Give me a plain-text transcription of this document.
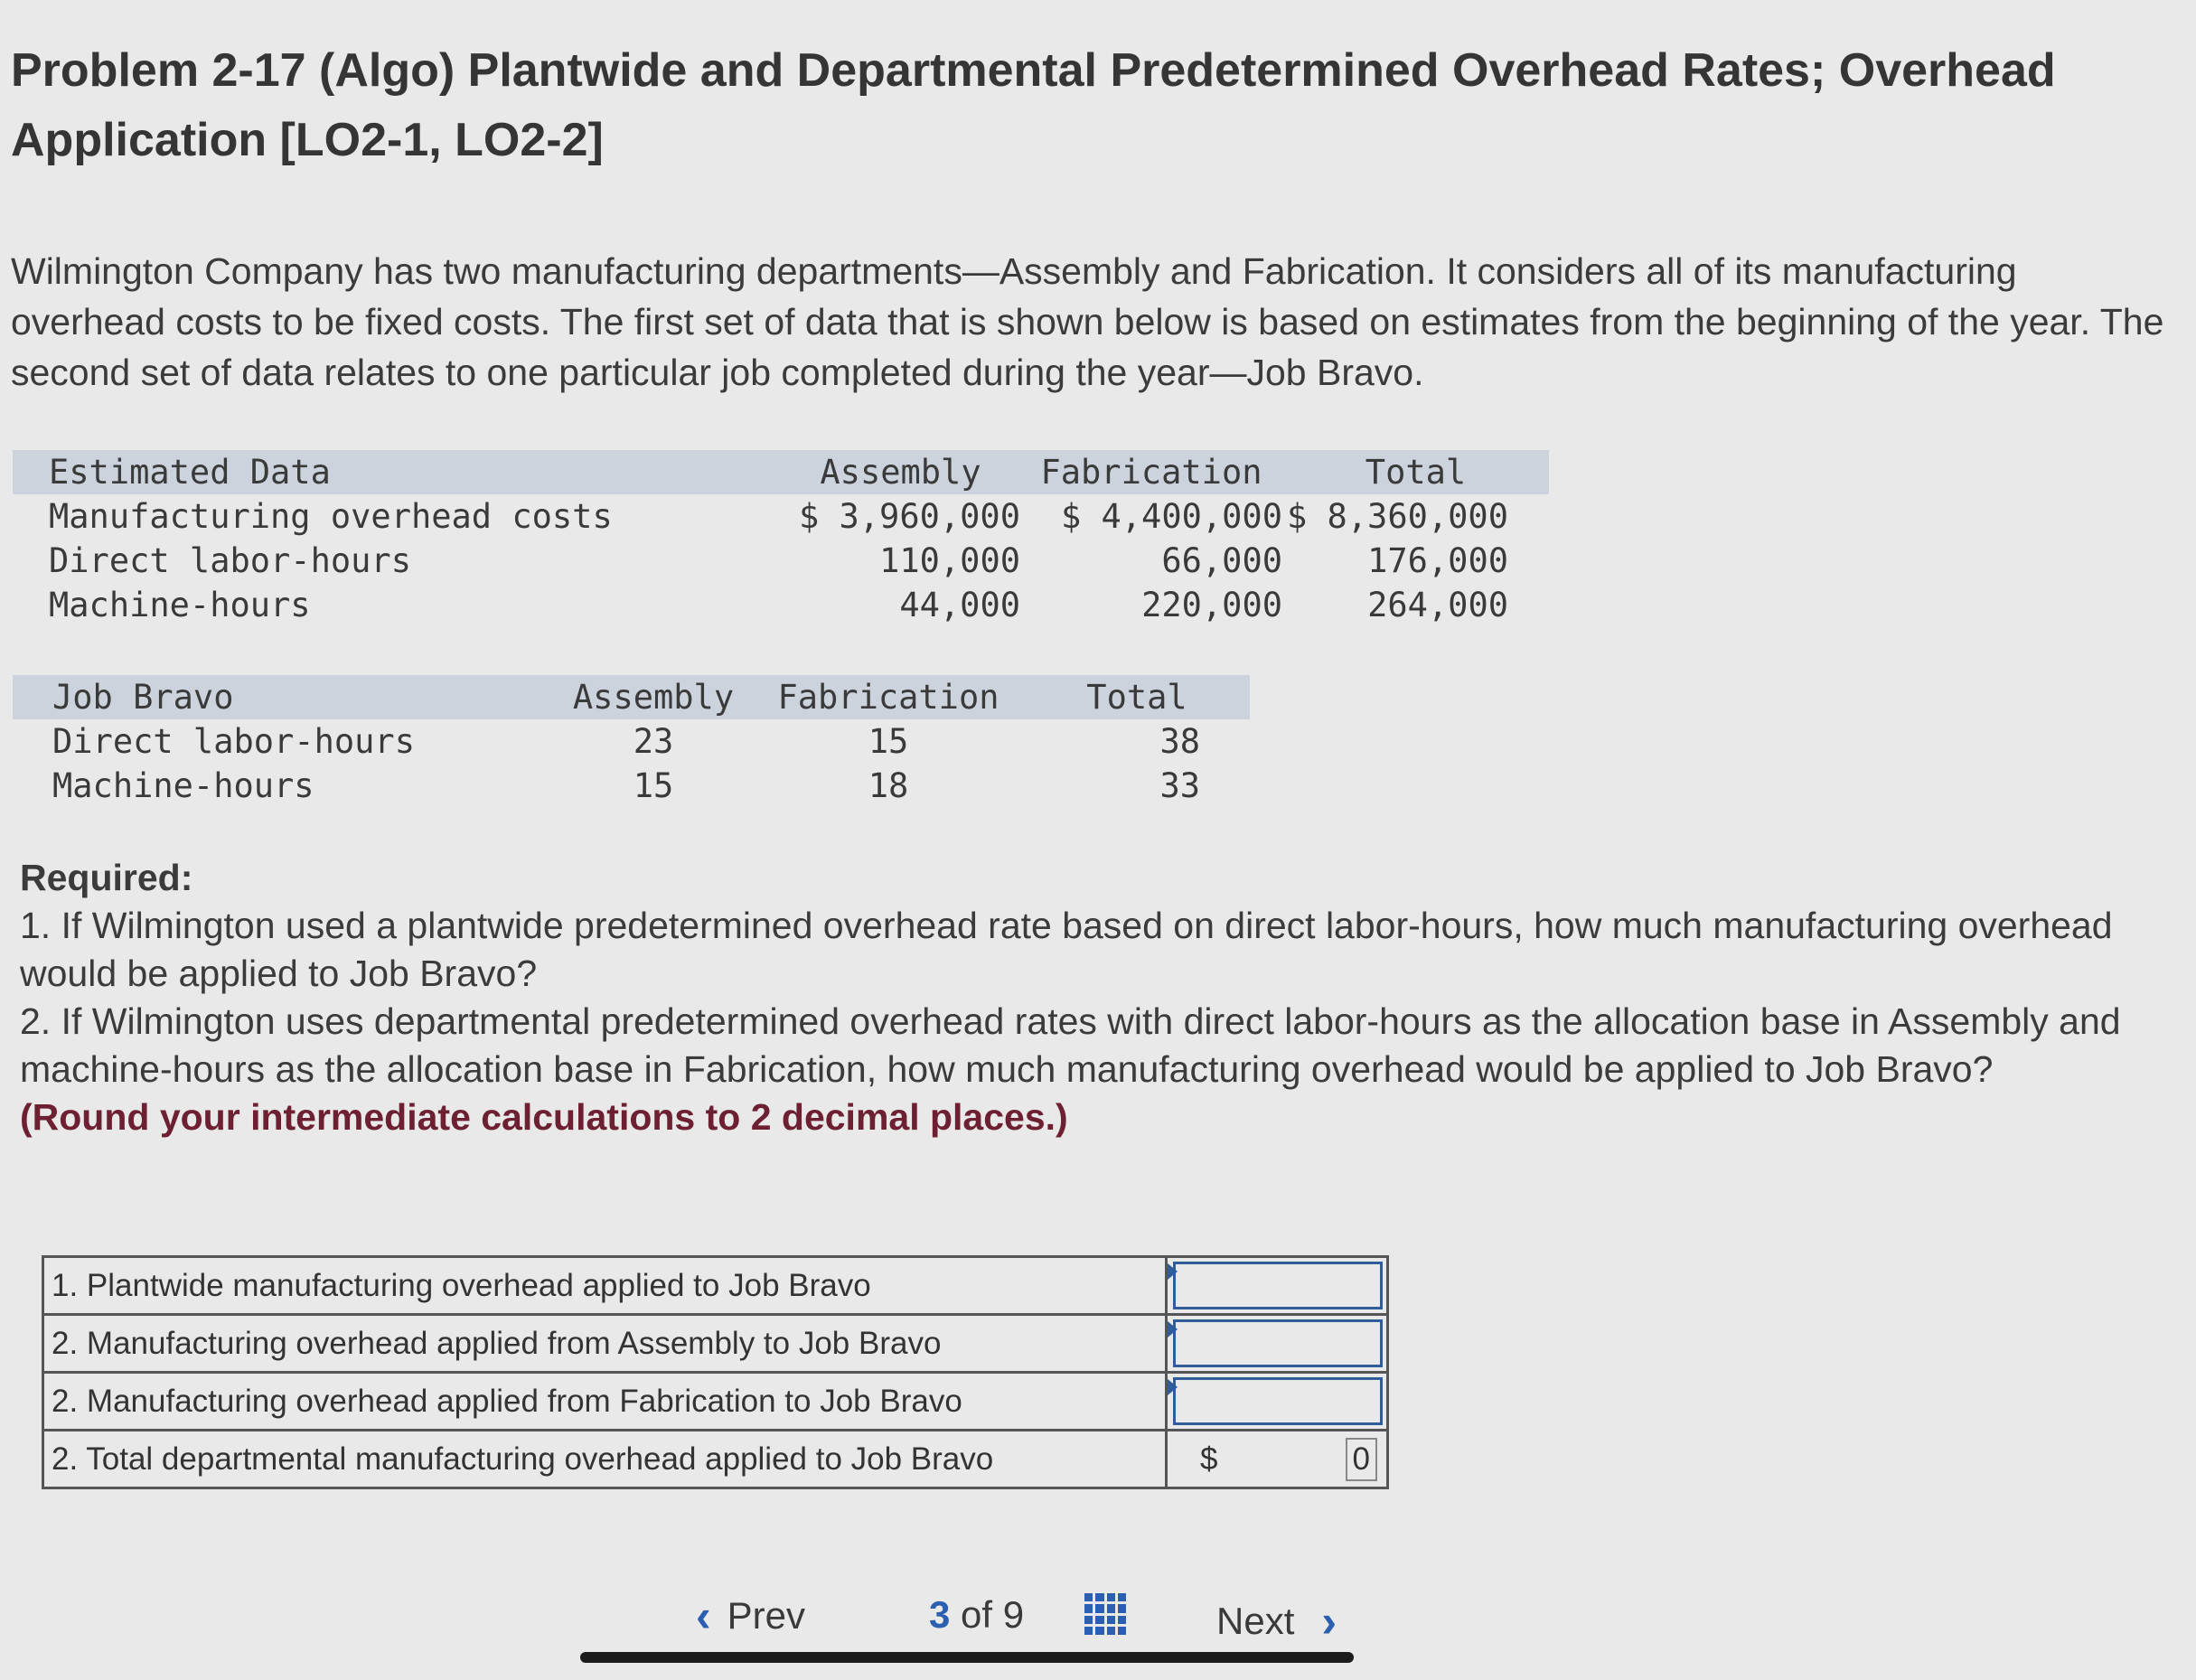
Problem 2-17 (Algo) Plantwide and Departmental Predetermined Overhead Rates; Overhead Application [LO2-1, LO2-2]

Wilmington Company has two manufacturing departments—Assembly and Fabrication. It considers all of its manufacturing overhead costs to be fixed costs. The first set of data that is shown below is based on estimates from the beginning of the year. The second set of data relates to one particular job completed during the year—Job Bravo.

Estimated Data	Assembly	Fabrication	Total
Manufacturing overhead costs	$ 3,960,000	$ 4,400,000	$ 8,360,000
Direct labor-hours	110,000	66,000	176,000
Machine-hours	44,000	220,000	264,000
Job Bravo	Assembly	Fabrication	Total
Direct labor-hours	23	15	38
Machine-hours	15	18	33

Required:

1. If Wilmington used a plantwide predetermined overhead rate based on direct labor-hours, how much manufacturing overhead would be applied to Job Bravo?

2. If Wilmington uses departmental predetermined overhead rates with direct labor-hours as the allocation base in Assembly and machine-hours as the allocation base in Fabrication, how much manufacturing overhead would be applied to Job Bravo?

(Round your intermediate calculations to 2 decimal places.)

1. Plantwide manufacturing overhead applied to Job Bravo	

2. Manufacturing overhead applied from Assembly to Job Bravo	

2. Manufacturing overhead applied from Fabrication to Job Bravo	

2. Total departmental manufacturing overhead applied to Job Bravo	$ 0
‹ Prev	3 of 9	Next ›
